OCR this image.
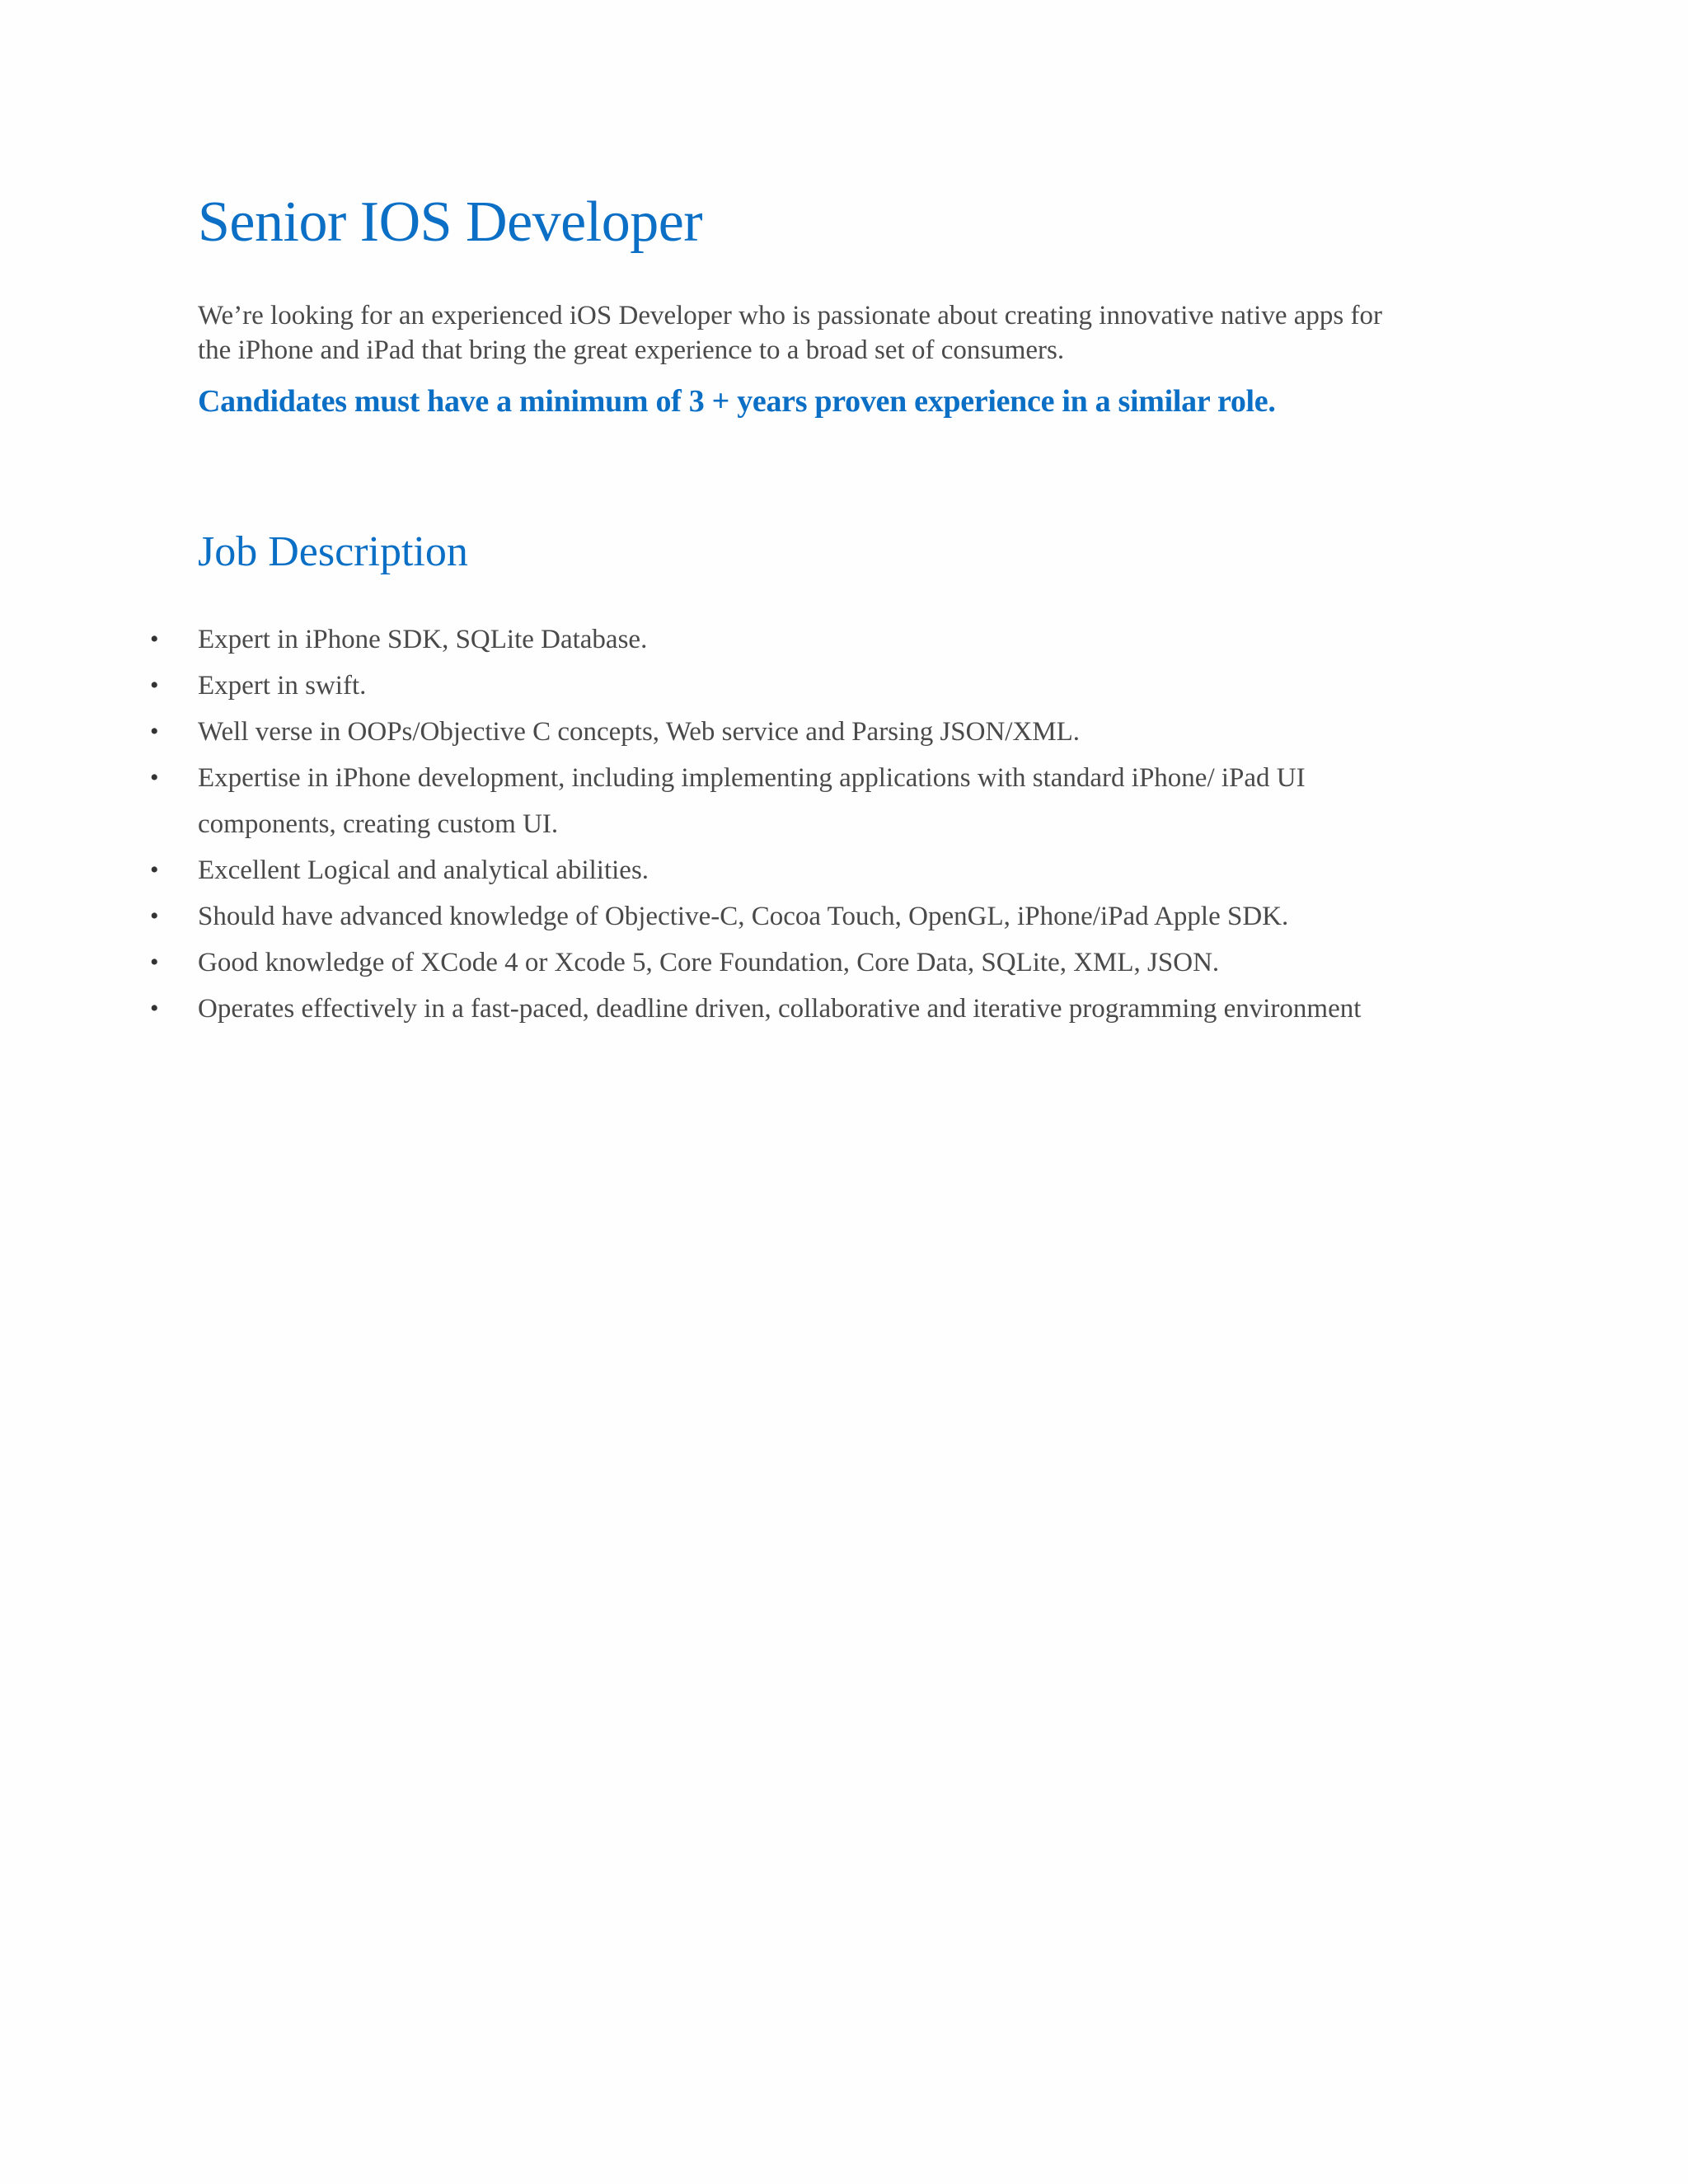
Senior IOS Developer

We’re looking for an experienced iOS Developer who is passionate about creating innovative native apps for
the iPhone and iPad that bring the great experience to a broad set of consumers.

Candidates must have a minimum of 3 + years proven experience in a similar role.

Job Description
• Expert in iPhone SDK, SQLite Database.
• Expert in swift.
• Well verse in OOPs/Objective C concepts, Web service and Parsing JSON/XML.
• Expertise in iPhone development, including implementing applications with standard iPhone/ iPad UI
components, creating custom UI.
• Excellent Logical and analytical abilities.
• Should have advanced knowledge of Objective-C, Cocoa Touch, OpenGL, iPhone/iPad Apple SDK.
• Good knowledge of XCode 4 or Xcode 5, Core Foundation, Core Data, SQLite, XML, JSON.
• Operates effectively in a fast-paced, deadline driven, collaborative and iterative programming environment
